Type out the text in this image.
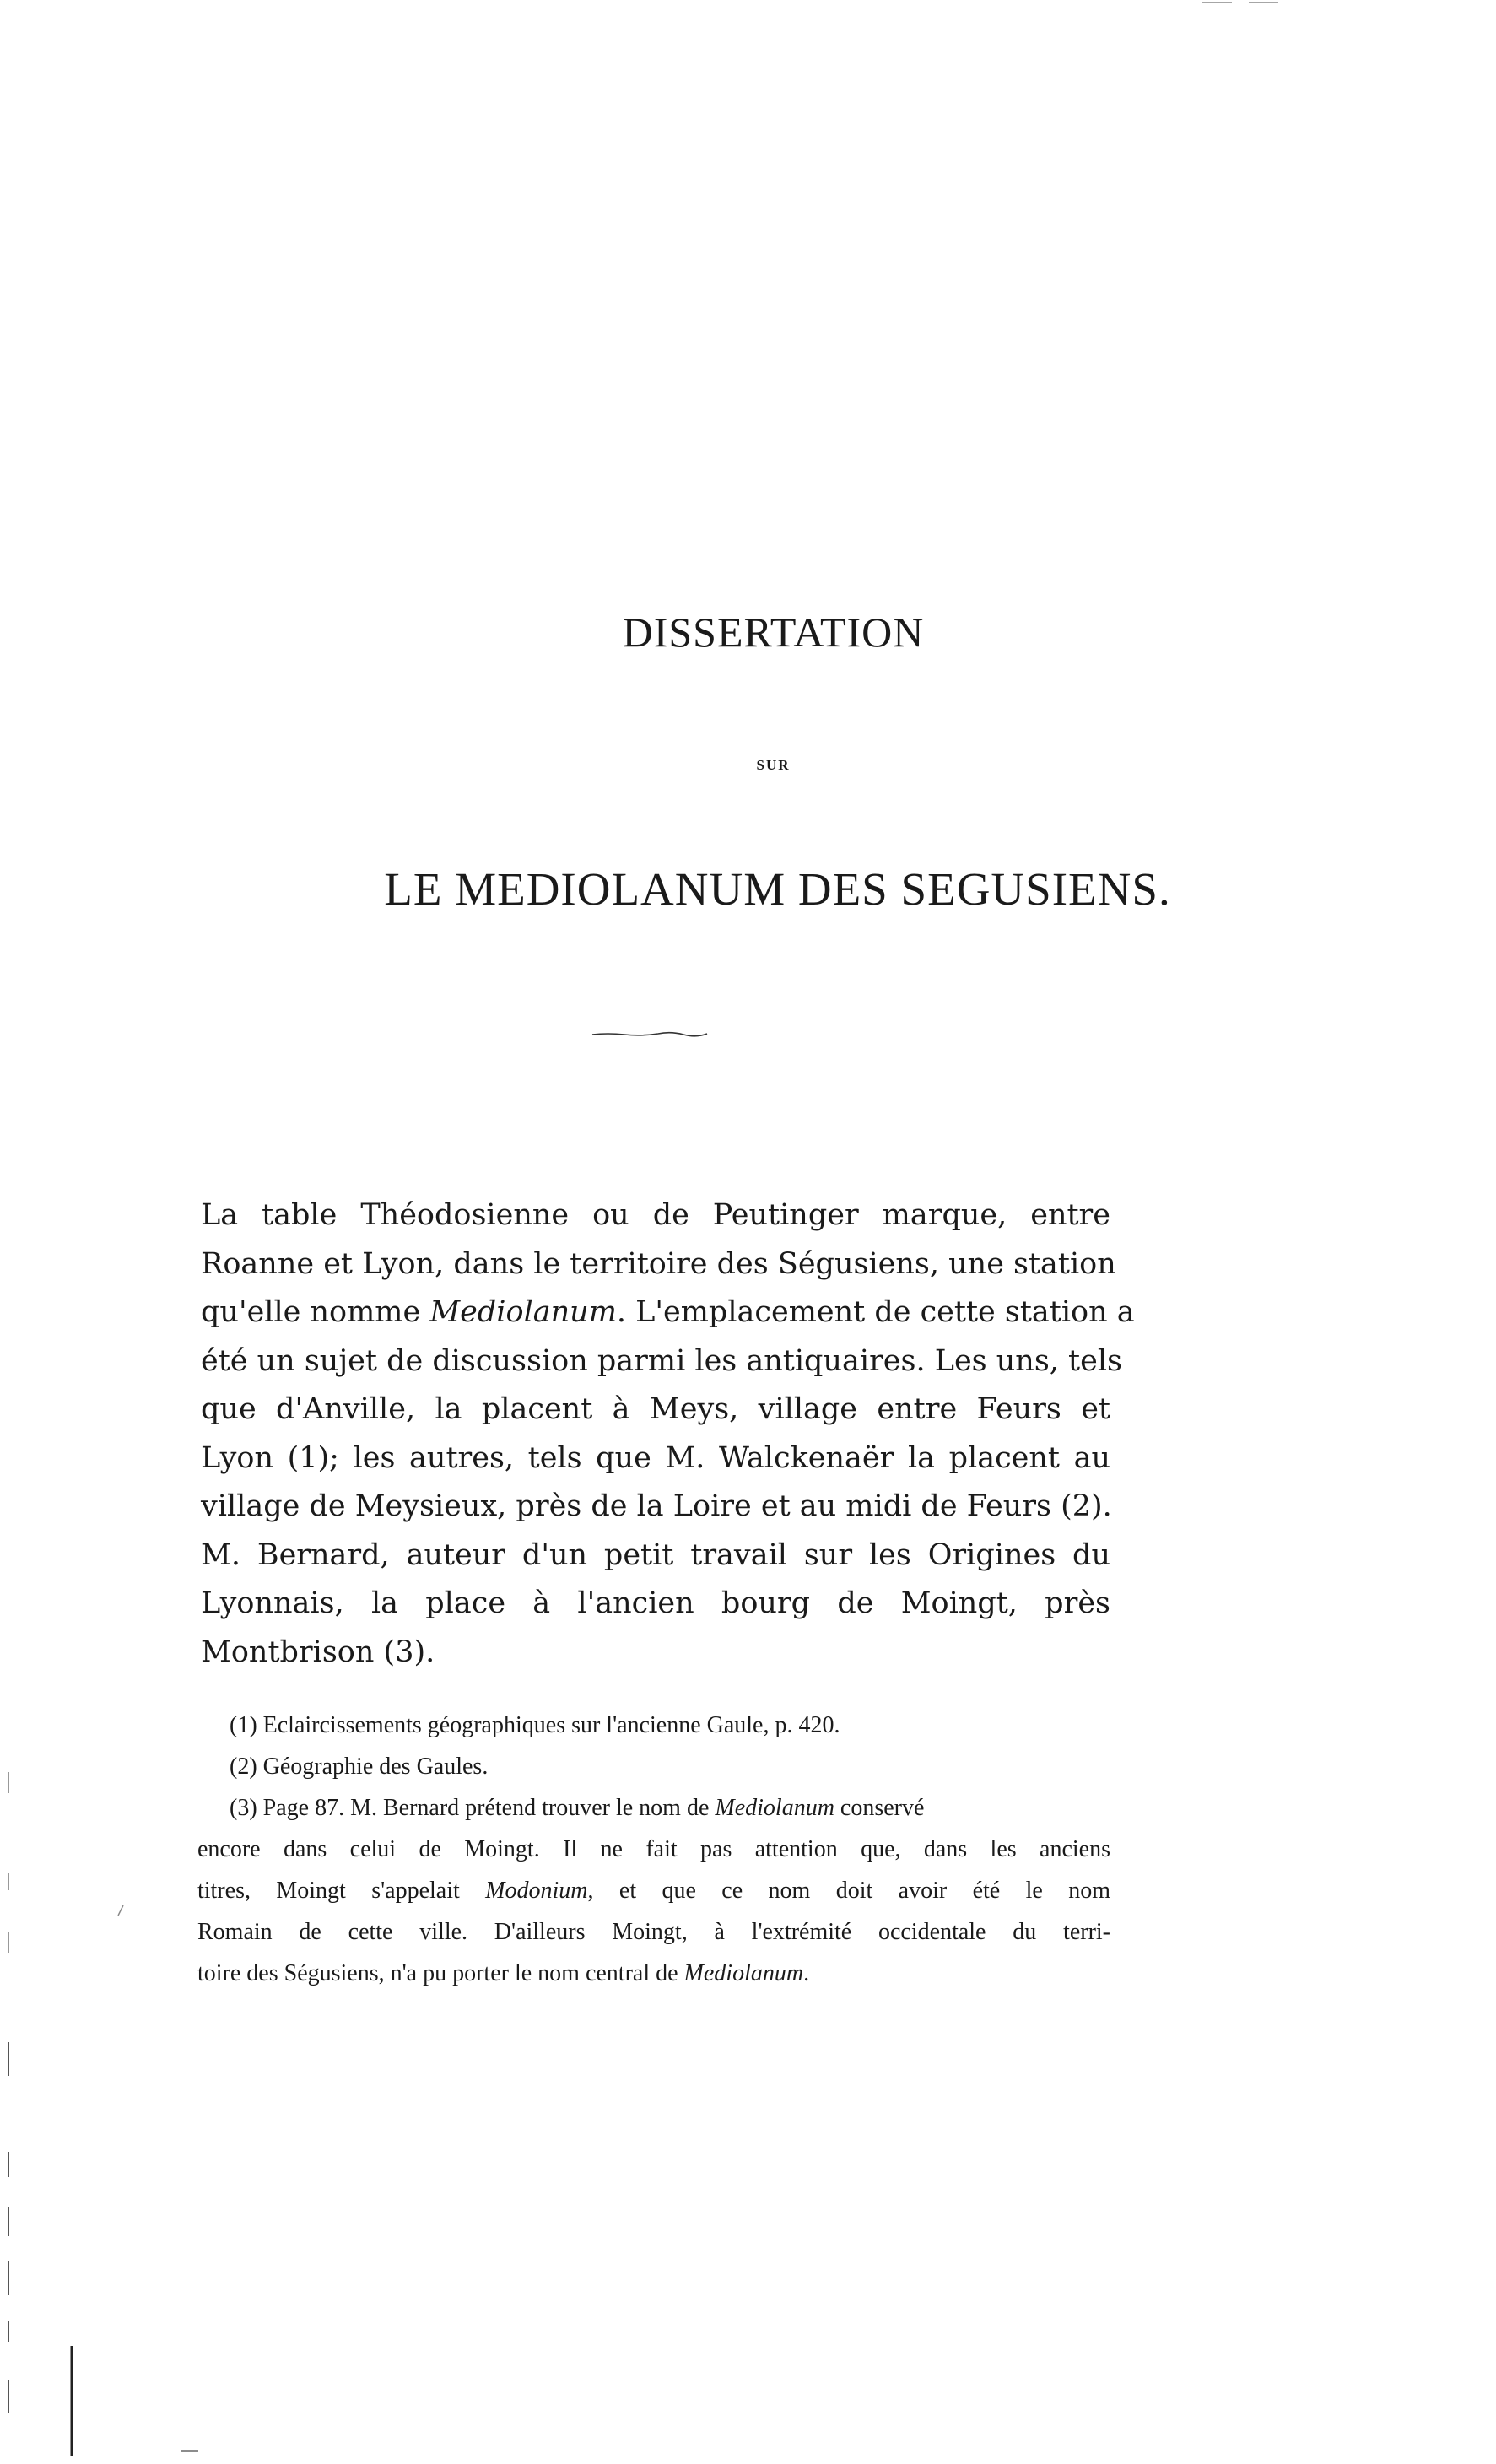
DISSERTATION
SUR
LE MEDIOLANUM DES SEGUSIENS.
La table Théodosienne ou de Peutinger marque, entre
Roanne et Lyon, dans le territoire des Ségusiens, une station
qu'elle nomme Mediolanum. L'emplacement de cette station a
été un sujet de discussion parmi les antiquaires. Les uns, tels
que d'Anville, la placent à Meys, village entre Feurs et
Lyon (1); les autres, tels que M. Walckenaër la placent au
village de Meysieux, près de la Loire et au midi de Feurs (2).
M. Bernard, auteur d'un petit travail sur les Origines du
Lyonnais, la place à l'ancien bourg de Moingt, près
Montbrison (3).
(1) Eclaircissements géographiques sur l'ancienne Gaule, p. 420.
(2) Géographie des Gaules.
(3) Page 87. M. Bernard prétend trouver le nom de Mediolanum conservé
encore dans celui de Moingt. Il ne fait pas attention que, dans les anciens
titres, Moingt s'appelait Modonium, et que ce nom doit avoir été le nom
Romain de cette ville. D'ailleurs Moingt, à l'extrémité occidentale du terri-
toire des Ségusiens, n'a pu porter le nom central de Mediolanum.
